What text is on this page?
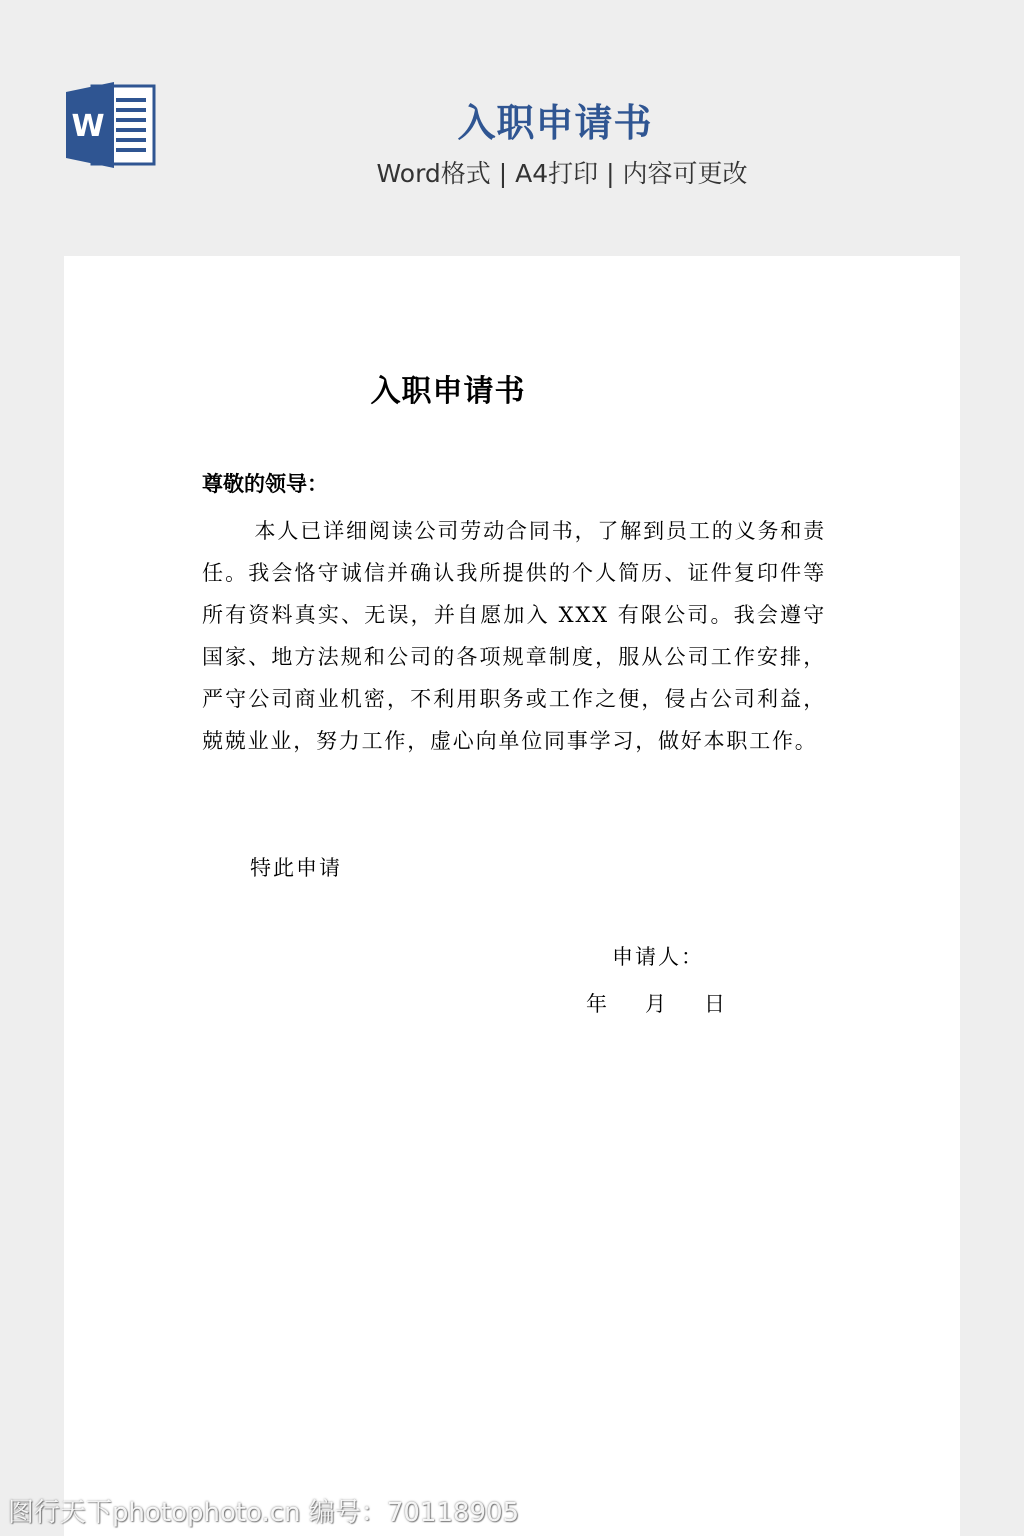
W	入职申请书
Word格式 | A4打印 | 内容可更改
入职申请书
尊敬的领导：

本人已详细阅读公司劳动合同书，了解到员工的义务和责任。我会恪守诚信并确认我所提供的个人简历、证件复印件等所有资料真实、无误，并自愿加入 XXX 有限公司。我会遵守国家、地方法规和公司的各项规章制度，服从公司工作安排，严守公司商业机密，不利用职务或工作之便，侵占公司利益，兢兢业业，努力工作，虚心向单位同事学习，做好本职工作。

特此申请
申请人：
年 月 日
图行天下photophoto.cn 编号：70118905
